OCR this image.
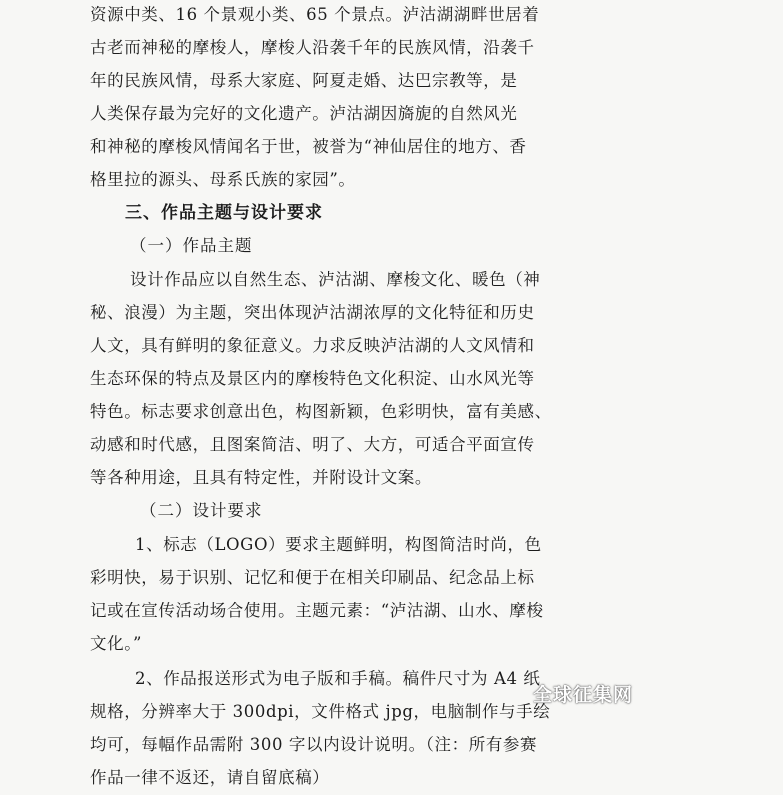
资源中类、16 个景观小类、65 个景点。泸沽湖湖畔世居着
古老而神秘的摩梭人，摩梭人沿袭千年的民族风情，沿袭千
年的民族风情，母系大家庭、阿夏走婚、达巴宗教等，是
人类保存最为完好的文化遗产。泸沽湖因旖旎的自然风光
和神秘的摩梭风情闻名于世，被誉为“神仙居住的地方、香
格里拉的源头、母系氏族的家园”。
三、作品主题与设计要求
（一）作品主题
设计作品应以自然生态、泸沽湖、摩梭文化、暖色（神
秘、浪漫）为主题，突出体现泸沽湖浓厚的文化特征和历史
人文，具有鲜明的象征意义。力求反映泸沽湖的人文风情和
生态环保的特点及景区内的摩梭特色文化积淀、山水风光等
特色。标志要求创意出色，构图新颖，色彩明快，富有美感、
动感和时代感，且图案简洁、明了、大方，可适合平面宣传
等各种用途，且具有特定性，并附设计文案。
（二）设计要求
1、标志（LOGO）要求主题鲜明，构图简洁时尚，色
彩明快，易于识别、记忆和便于在相关印刷品、纪念品上标
记或在宣传活动场合使用。主题元素：“泸沽湖、山水、摩梭
文化。”
2、作品报送形式为电子版和手稿。稿件尺寸为 A4 纸
规格，分辨率大于 300dpi，文件格式 jpg，电脑制作与手绘
均可，每幅作品需附 300 字以内设计说明。（注：所有参赛
作品一律不返还，请自留底稿）
全球征集网
